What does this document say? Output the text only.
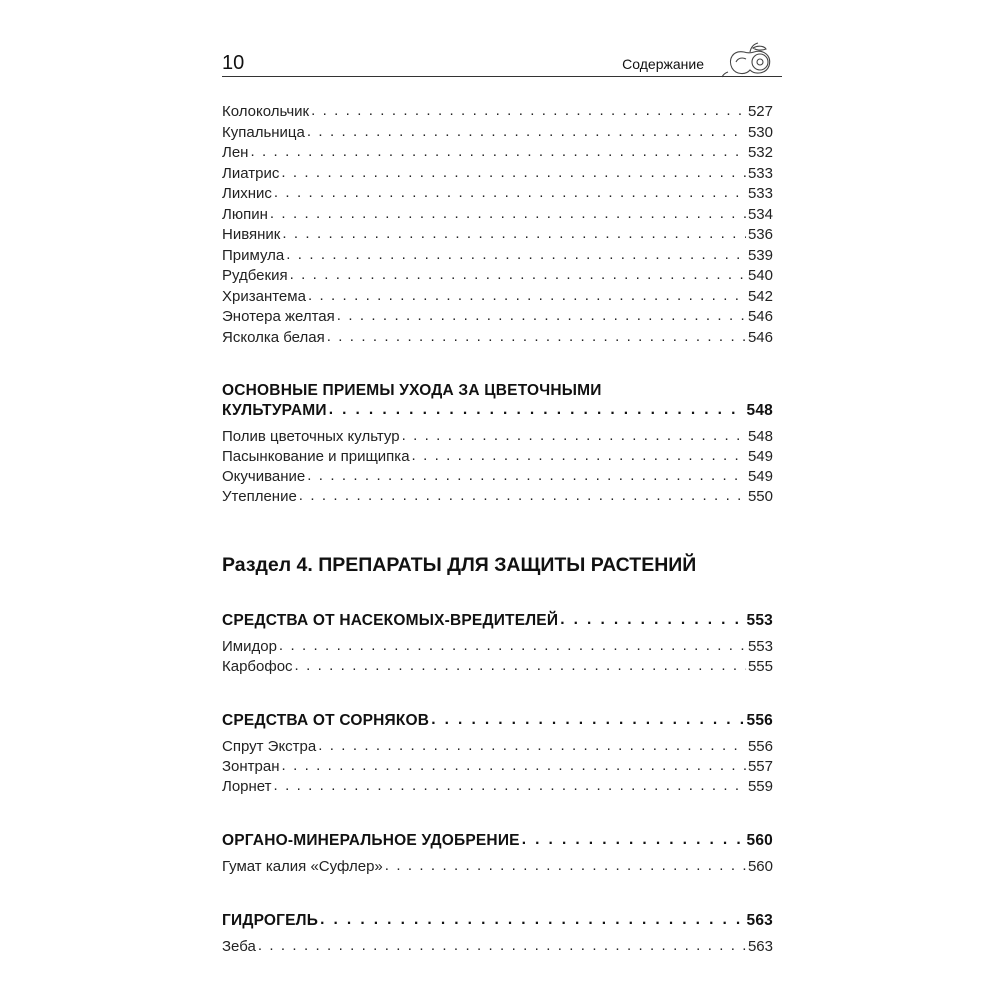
10	Содержание
Колокольчик . . .	527
Купальница . . .	530
Лен . . .	532
Лиатрис . . .	533
Лихнис . . .	533
Люпин . . .	534
Нивяник . . .	536
Примула . . .	539
Рудбекия . . .	540
Хризантема . . .	542
Энотера желтая . . .	546
Ясколка белая . . .	546
ОСНОВНЫЕ ПРИЕМЫ УХОДА ЗА ЦВЕТОЧНЫМИ
КУЛЬТУРАМИ . . .	548
Полив цветочных культур . . .	548
Пасынкование и прищипка . . .	549
Окучивание . . .	549
Утепление . . .	550
Раздел 4. ПРЕПАРАТЫ ДЛЯ ЗАЩИТЫ РАСТЕНИЙ
СРЕДСТВА ОТ НАСЕКОМЫХ-ВРЕДИТЕЛЕЙ . . .	553
Имидор . . .	553
Карбофос . . .	555
СРЕДСТВА ОТ СОРНЯКОВ . . .	556
Спрут Экстра . . .	556
Зонтран . . .	557
Лорнет . . .	559
ОРГАНО-МИНЕРАЛЬНОЕ УДОБРЕНИЕ . . .	560
Гумат калия «Суфлер» . . .	560
ГИДРОГЕЛЬ . . .	563
Зеба . . .	563
